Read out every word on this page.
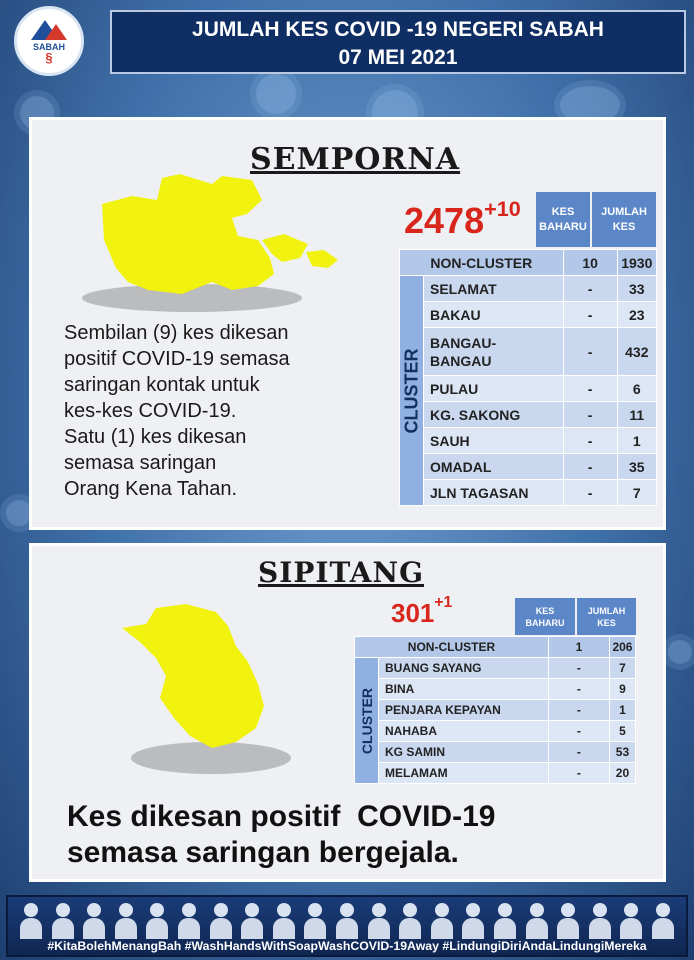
SABAH
§
JUMLAH KES COVID -19 NEGERI SABAH
07 MEI 2021
SEMPORNA
$2478^{+10}$	KES
BAHARU
JUMLAH
KES
NON-CLUSTER		10	1930

CLUSTER	SELAMAT	-	33
	BAKAU	-	23
	BANGAU-
BANGAU	-	432
	PULAU	-	6
	KG. SAKONG	-	11
	SAUH	-	1
	OMADAL	-	35
	JLN TAGASAN	-	7
Sembilan (9) kes dikesan
positif COVID-19 semasa
saringan kontak untuk
kes-kes COVID-19.
Satu (1) kes dikesan
semasa saringan
Orang Kena Tahan.
SIPITANG
$301^{+1}$	KES
BAHARU
JUMLAH
KES
NON-CLUSTER		1	206

CLUSTER	BUANG SAYANG	-	7
	BINA	-	9
	PENJARA KEPAYAN	-	1
	NAHABA	-	5
	KG SAMIN	-	53
	MELAMAM	-	20
Kes dikesan positif  COVID-19
semasa saringan bergejala.
#KitaBolehMenangBah #WashHandsWithSoapWashCOVID-19Away #LindungiDiriAndaLindungiMereka
